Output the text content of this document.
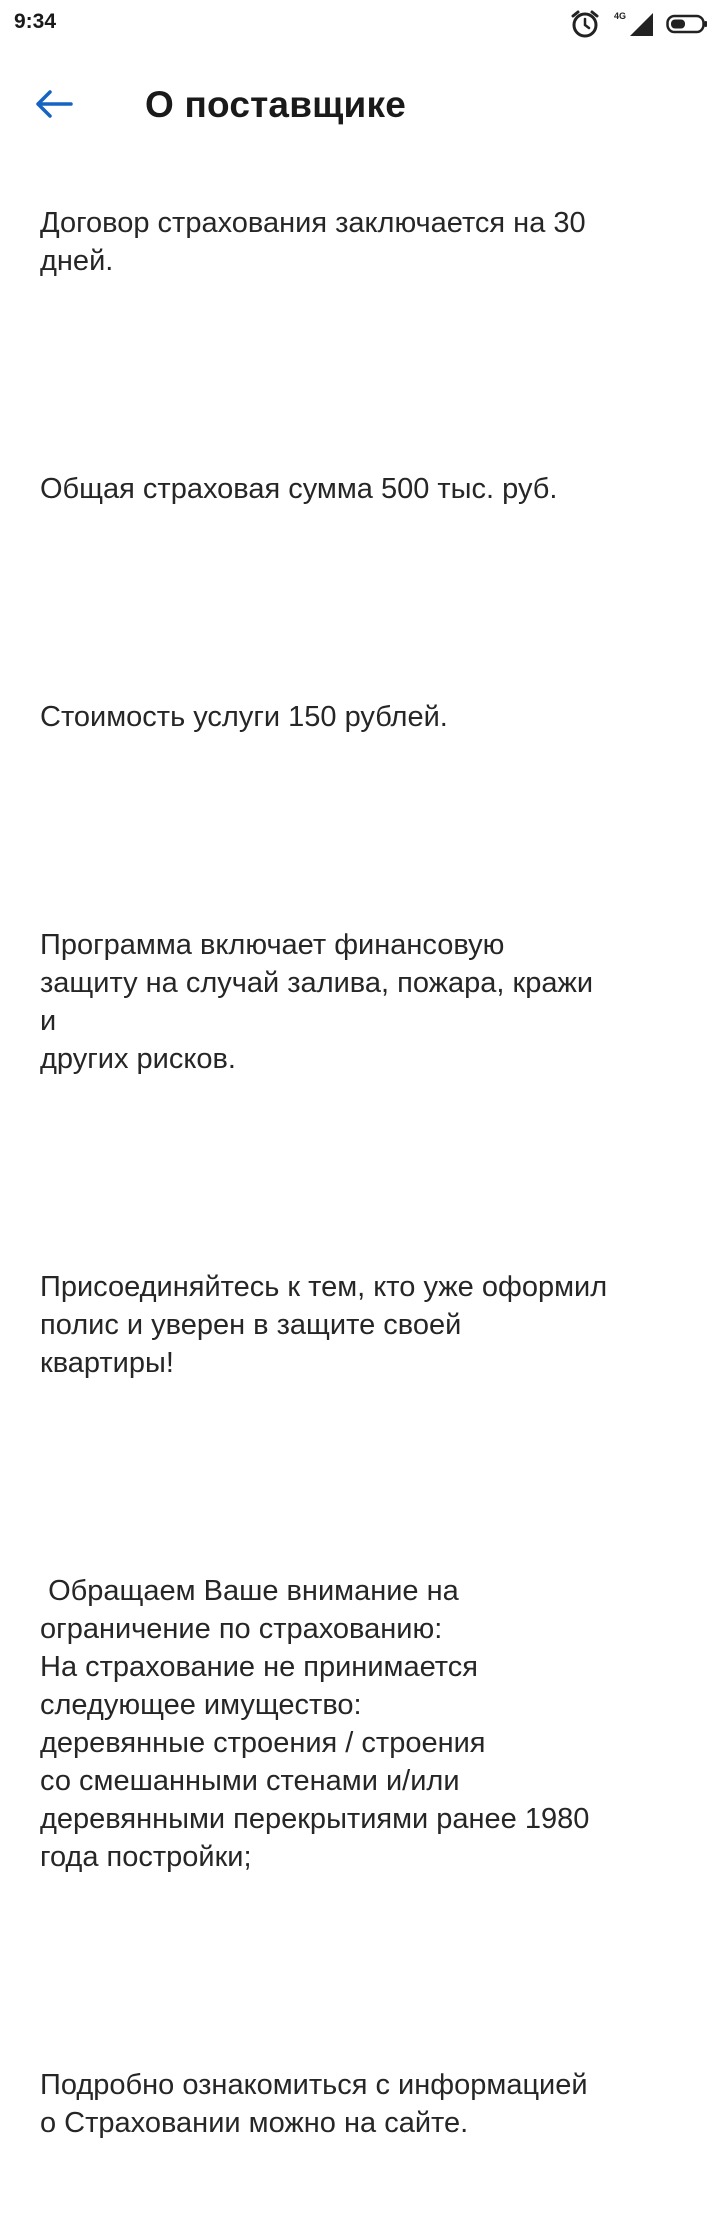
9:34	4G
О поставщике

Договор страхования заключается на 30
дней.

Общая страховая сумма 500 тыс. руб.

Стоимость услуги 150 рублей.

Программа включает финансовую
защиту на случай залива, пожара, кражи
и
других рисков.

Присоединяйтесь к тем, кто уже оформил
полис и уверен в защите своей
квартиры!

Обращаем Ваше внимание на
ограничение по страхованию:
На страхование не принимается
следующее имущество:
деревянные строения / строения
со смешанными стенами и/или
деревянными перекрытиями ранее 1980
года постройки;

Подробно ознакомиться с информацией
о Страховании можно на сайте.
